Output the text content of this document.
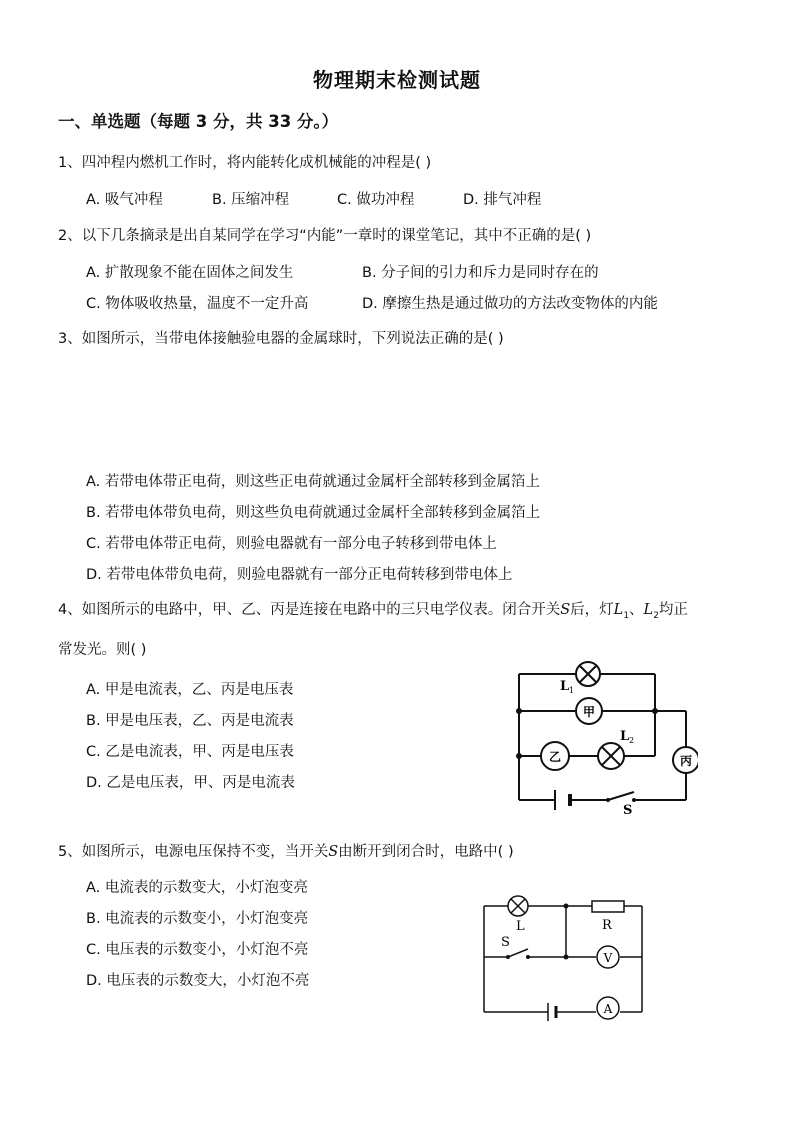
物理期末检测试题
一、单选题（每题 3 分，共 33 分。）
1、四冲程内燃机工作时，将内能转化成机械能的冲程是( )
A. 吸气冲程	B. 压缩冲程	C. 做功冲程	D. 排气冲程
2、以下几条摘录是出自某同学在学习“内能”一章时的课堂笔记，其中不正确的是( )
A. 扩散现象不能在固体之间发生	B. 分子间的引力和斥力是同时存在的
C. 物体吸收热量，温度不一定升高	D. 摩擦生热是通过做功的方法改变物体的内能
3、如图所示，当带电体接触验电器的金属球时，下列说法正确的是( )
A. 若带电体带正电荷，则这些正电荷就通过金属杆全部转移到金属箔上
B. 若带电体带负电荷，则这些负电荷就通过金属杆全部转移到金属箔上
C. 若带电体带正电荷，则验电器就有一部分电子转移到带电体上
D. 若带电体带负电荷，则验电器就有一部分正电荷转移到带电体上
4、如图所示的电路中，甲、乙、丙是连接在电路中的三只电学仪表。闭合开关S后，灯$L_1$、$L_2$均正
常发光。则( )
A. 甲是电流表，乙、丙是电压表
B. 甲是电压表，乙、丙是电流表
C. 乙是电流表，甲、丙是电压表
D. 乙是电压表，甲、丙是电流表
L 1
甲
乙
L 2
丙
S
5、如图所示，电源电压保持不变，当开关S由断开到闭合时，电路中( )
A. 电流表的示数变大，小灯泡变亮
B. 电流表的示数变小，小灯泡变亮
C. 电压表的示数变小，小灯泡不亮
D. 电压表的示数变大，小灯泡不亮
L	R
S
V
A
